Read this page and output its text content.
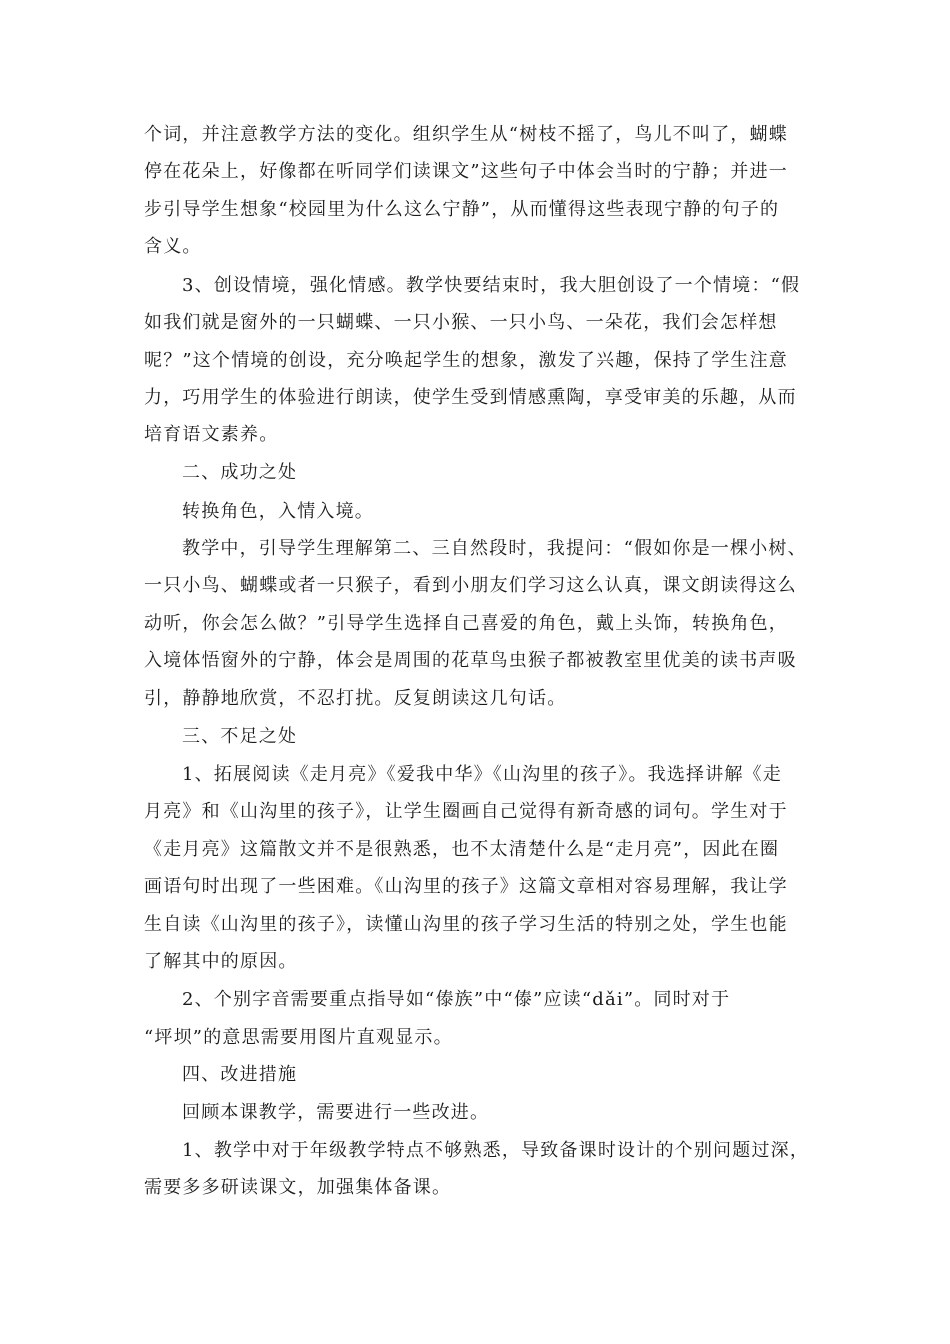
个词，并注意教学方法的变化。组织学生从“树枝不摇了，鸟儿不叫了，蝴蝶
停在花朵上，好像都在听同学们读课文”这些句子中体会当时的宁静；并进一
步引导学生想象“校园里为什么这么宁静”，从而懂得这些表现宁静的句子的
含义。
3、创设情境，强化情感。教学快要结束时，我大胆创设了一个情境：“假
如我们就是窗外的一只蝴蝶、一只小猴、一只小鸟、一朵花，我们会怎样想
呢？”这个情境的创设，充分唤起学生的想象，激发了兴趣，保持了学生注意
力，巧用学生的体验进行朗读，使学生受到情感熏陶，享受审美的乐趣，从而
培育语文素养。
二、成功之处
转换角色，入情入境。
教学中，引导学生理解第二、三自然段时，我提问：“假如你是一棵小树、
一只小鸟、蝴蝶或者一只猴子，看到小朋友们学习这么认真，课文朗读得这么
动听，你会怎么做？”引导学生选择自己喜爱的角色，戴上头饰，转换角色，
入境体悟窗外的宁静，体会是周围的花草鸟虫猴子都被教室里优美的读书声吸
引，静静地欣赏，不忍打扰。反复朗读这几句话。
三、不足之处
1、拓展阅读《走月亮》《爱我中华》《山沟里的孩子》。我选择讲解《走
月亮》和《山沟里的孩子》，让学生圈画自己觉得有新奇感的词句。学生对于
《走月亮》这篇散文并不是很熟悉，也不太清楚什么是“走月亮”，因此在圈
画语句时出现了一些困难。《山沟里的孩子》这篇文章相对容易理解，我让学
生自读《山沟里的孩子》，读懂山沟里的孩子学习生活的特别之处，学生也能
了解其中的原因。
2、个别字音需要重点指导如“傣族”中“傣”应读“dǎi”。同时对于
“坪坝”的意思需要用图片直观显示。
四、改进措施
回顾本课教学，需要进行一些改进。
1、教学中对于年级教学特点不够熟悉，导致备课时设计的个别问题过深，
需要多多研读课文，加强集体备课。
